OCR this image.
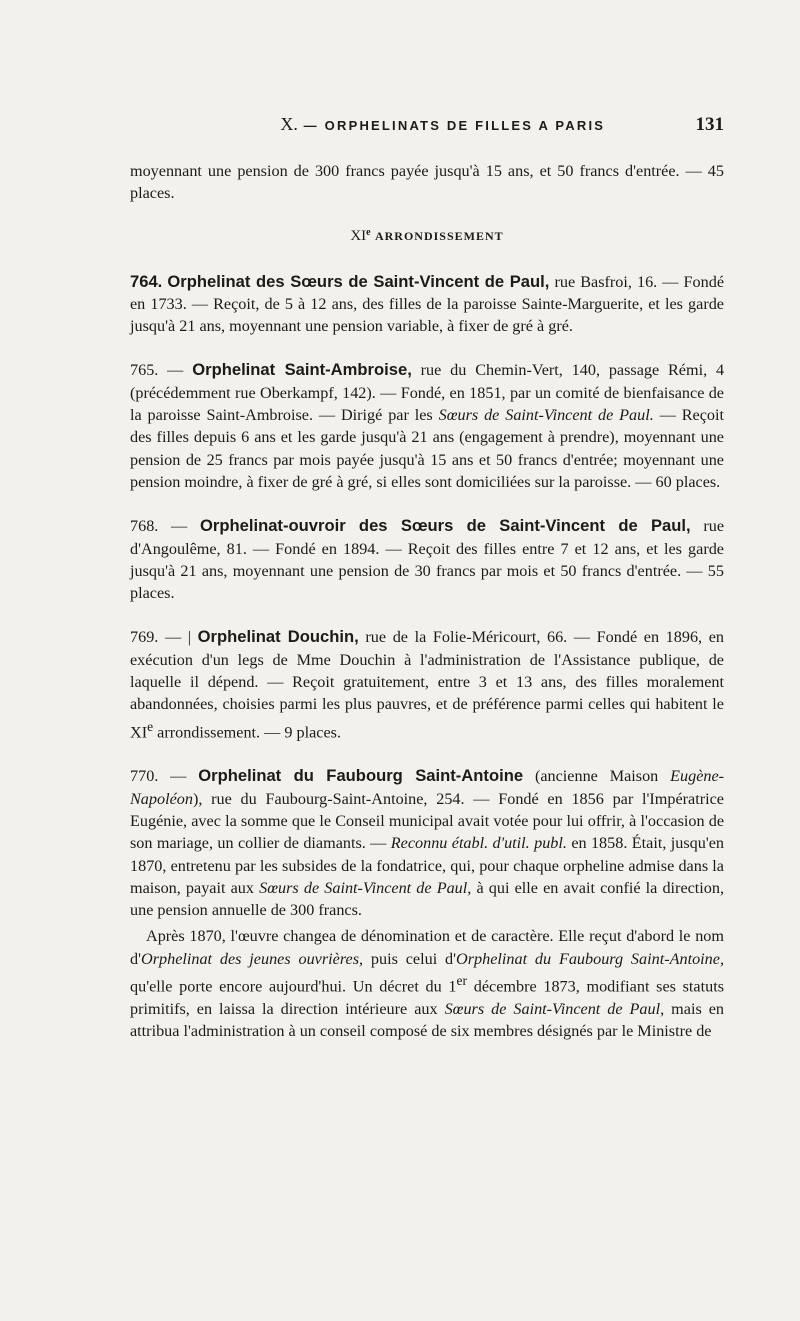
X. — ORPHELINATS DE FILLES A PARIS	131

moyennant une pension de 300 francs payée jusqu'à 15 ans, et 50 francs d'entrée. — 45 places.

XIe ARRONDISSEMENT

764. Orphelinat des Sœurs de Saint-Vincent de Paul, rue Basfroi, 16. — Fondé en 1733. — Reçoit, de 5 à 12 ans, des filles de la paroisse Sainte-Marguerite, et les garde jusqu'à 21 ans, moyennant une pension variable, à fixer de gré à gré.

765. — Orphelinat Saint-Ambroise, rue du Chemin-Vert, 140, passage Rémi, 4 (précédemment rue Oberkampf, 142). — Fondé, en 1851, par un comité de bienfaisance de la paroisse Saint-Ambroise. — Dirigé par les Sœurs de Saint-Vincent de Paul. — Reçoit des filles depuis 6 ans et les garde jusqu'à 21 ans (engagement à prendre), moyennant une pension de 25 francs par mois payée jusqu'à 15 ans et 50 francs d'entrée; moyennant une pension moindre, à fixer de gré à gré, si elles sont domiciliées sur la paroisse. — 60 places.

768. — Orphelinat-ouvroir des Sœurs de Saint-Vincent de Paul, rue d'Angoulême, 81. — Fondé en 1894. — Reçoit des filles entre 7 et 12 ans, et les garde jusqu'à 21 ans, moyennant une pension de 30 francs par mois et 50 francs d'entrée. — 55 places.

769. — | Orphelinat Douchin, rue de la Folie-Méricourt, 66. — Fondé en 1896, en exécution d'un legs de Mme Douchin à l'administration de l'Assistance publique, de laquelle il dépend. — Reçoit gratuitement, entre 3 et 13 ans, des filles moralement abandonnées, choisies parmi les plus pauvres, et de préférence parmi celles qui habitent le XIe arrondissement. — 9 places.

770. — Orphelinat du Faubourg Saint-Antoine (ancienne Maison Eugène-Napoléon), rue du Faubourg-Saint-Antoine, 254. — Fondé en 1856 par l'Impératrice Eugénie, avec la somme que le Conseil municipal avait votée pour lui offrir, à l'occasion de son mariage, un collier de diamants. — Reconnu établ. d'util. publ. en 1858. Était, jusqu'en 1870, entretenu par les subsides de la fondatrice, qui, pour chaque orpheline admise dans la maison, payait aux Sœurs de Saint-Vincent de Paul, à qui elle en avait confié la direction, une pension annuelle de 300 francs.

Après 1870, l'œuvre changea de dénomination et de caractère. Elle reçut d'abord le nom d'Orphelinat des jeunes ouvrières, puis celui d'Orphelinat du Faubourg Saint-Antoine, qu'elle porte encore aujourd'hui. Un décret du 1er décembre 1873, modifiant ses statuts primitifs, en laissa la direction intérieure aux Sœurs de Saint-Vincent de Paul, mais en attribua l'administration à un conseil composé de six membres désignés par le Ministre de
